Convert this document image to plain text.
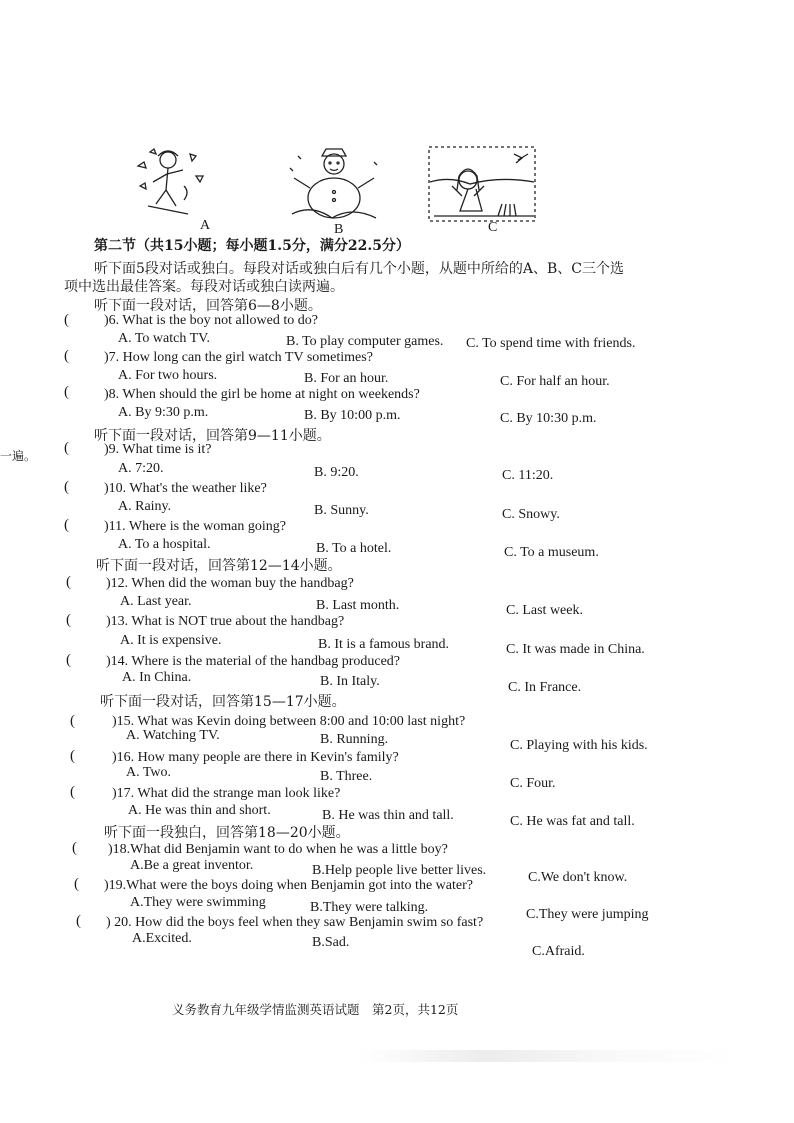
A	B	C
第二节（共15小题；每小题1.5分，满分22.5分）
听下面5段对话或独白。每段对话或独白后有几个小题，从题中所给的A、B、C三个选
项中选出最佳答案。每段对话或独白读两遍。
一遍。
听下面一段对话，回答第6—8小题。
听下面一段对话，回答第9—11小题。
听下面一段对话，回答第12—14小题。
听下面一段对话，回答第15—17小题。
听下面一段独白，回答第18—20小题。
(	)6. What is the boy not allowed to do?
A. To watch TV.	B. To play computer games. C. To spend time with friends.
(	)7. How long can the girl watch TV sometimes?
A. For two hours.	B. For an hour.	C. For half an hour.
(	)8. When should the girl be home at night on weekends?
A. By 9:30 p.m.	B. By 10:00 p.m.	C. By 10:30 p.m.
(	)9. What time is it?
A. 7:20.	B. 9:20.	C. 11:20.
(	)10. What's the weather like?
A. Rainy.	B. Sunny.	C. Snowy.
(	)11. Where is the woman going?
A. To a hospital.	B. To a hotel.	C. To a museum.
(	)12. When did the woman buy the handbag?
A. Last year.	B. Last month.	C. Last week.
(	)13. What is NOT true about the handbag?
A. It is expensive.	B. It is a famous brand.	C. It was made in China.
(	)14. Where is the material of the handbag produced?
A. In China.	B. In Italy.	C. In France.
(	)15. What was Kevin doing between 8:00 and 10:00 last night?
A. Watching TV.	B. Running.	C. Playing with his kids.
(	)16. How many people are there in Kevin's family?
A. Two.	B. Three.	C. Four.
(	)17. What did the strange man look like?
A. He was thin and short.	B. He was thin and tall.	C. He was fat and tall.
( )18.What did Benjamin want to do when he was a little boy?
A.Be a great inventor.	B.Help people live better lives.	C.We don't know.
( )19.What were the boys doing when Benjamin got into the water?
A.They were swimming	B.They were talking.	C.They were jumping
( ) 20. How did the boys feel when they saw Benjamin swim so fast?
A.Excited.	B.Sad.
C.Afraid.
义务教育九年级学情监测英语试题　第2页，共12页
